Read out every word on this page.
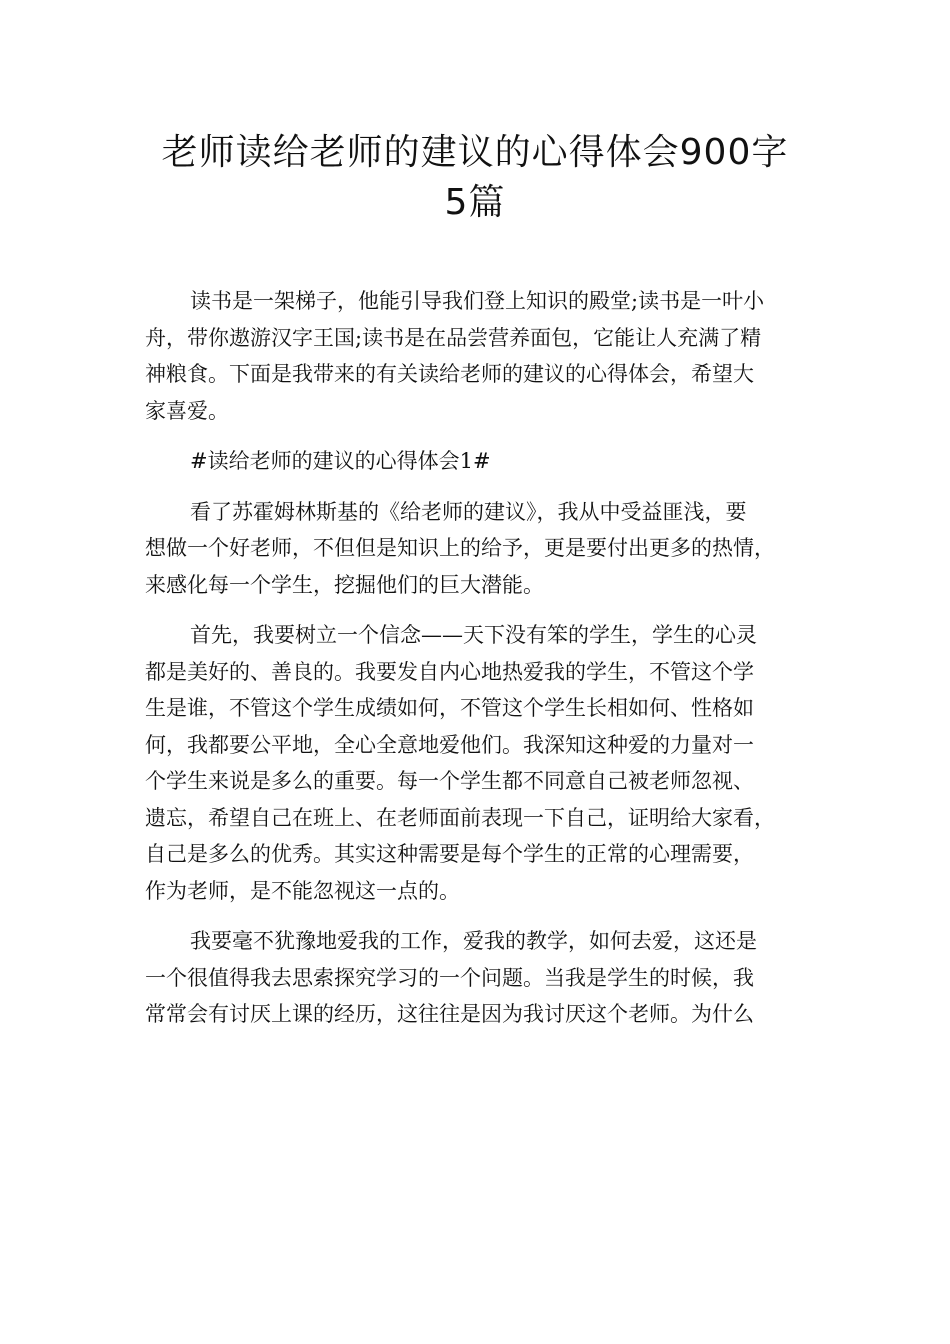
老师读给老师的建议的心得体会900字
5篇
读书是一架梯子，他能引导我们登上知识的殿堂;读书是一叶小
舟，带你遨游汉字王国;读书是在品尝营养面包，它能让人充满了精
神粮食。下面是我带来的有关读给老师的建议的心得体会，希望大
家喜爱。
#读给老师的建议的心得体会1#
看了苏霍姆林斯基的《给老师的建议》，我从中受益匪浅，要
想做一个好老师，不但但是知识上的给予，更是要付出更多的热情，
来感化每一个学生，挖掘他们的巨大潜能。
首先，我要树立一个信念——天下没有笨的学生，学生的心灵
都是美好的、善良的。我要发自内心地热爱我的学生，不管这个学
生是谁，不管这个学生成绩如何，不管这个学生长相如何、性格如
何，我都要公平地，全心全意地爱他们。我深知这种爱的力量对一
个学生来说是多么的重要。每一个学生都不同意自己被老师忽视、
遗忘，希望自己在班上、在老师面前表现一下自己，证明给大家看，
自己是多么的优秀。其实这种需要是每个学生的正常的心理需要，
作为老师，是不能忽视这一点的。
我要毫不犹豫地爱我的工作，爱我的教学，如何去爱，这还是
一个很值得我去思索探究学习的一个问题。当我是学生的时候，我
常常会有讨厌上课的经历，这往往是因为我讨厌这个老师。为什么
